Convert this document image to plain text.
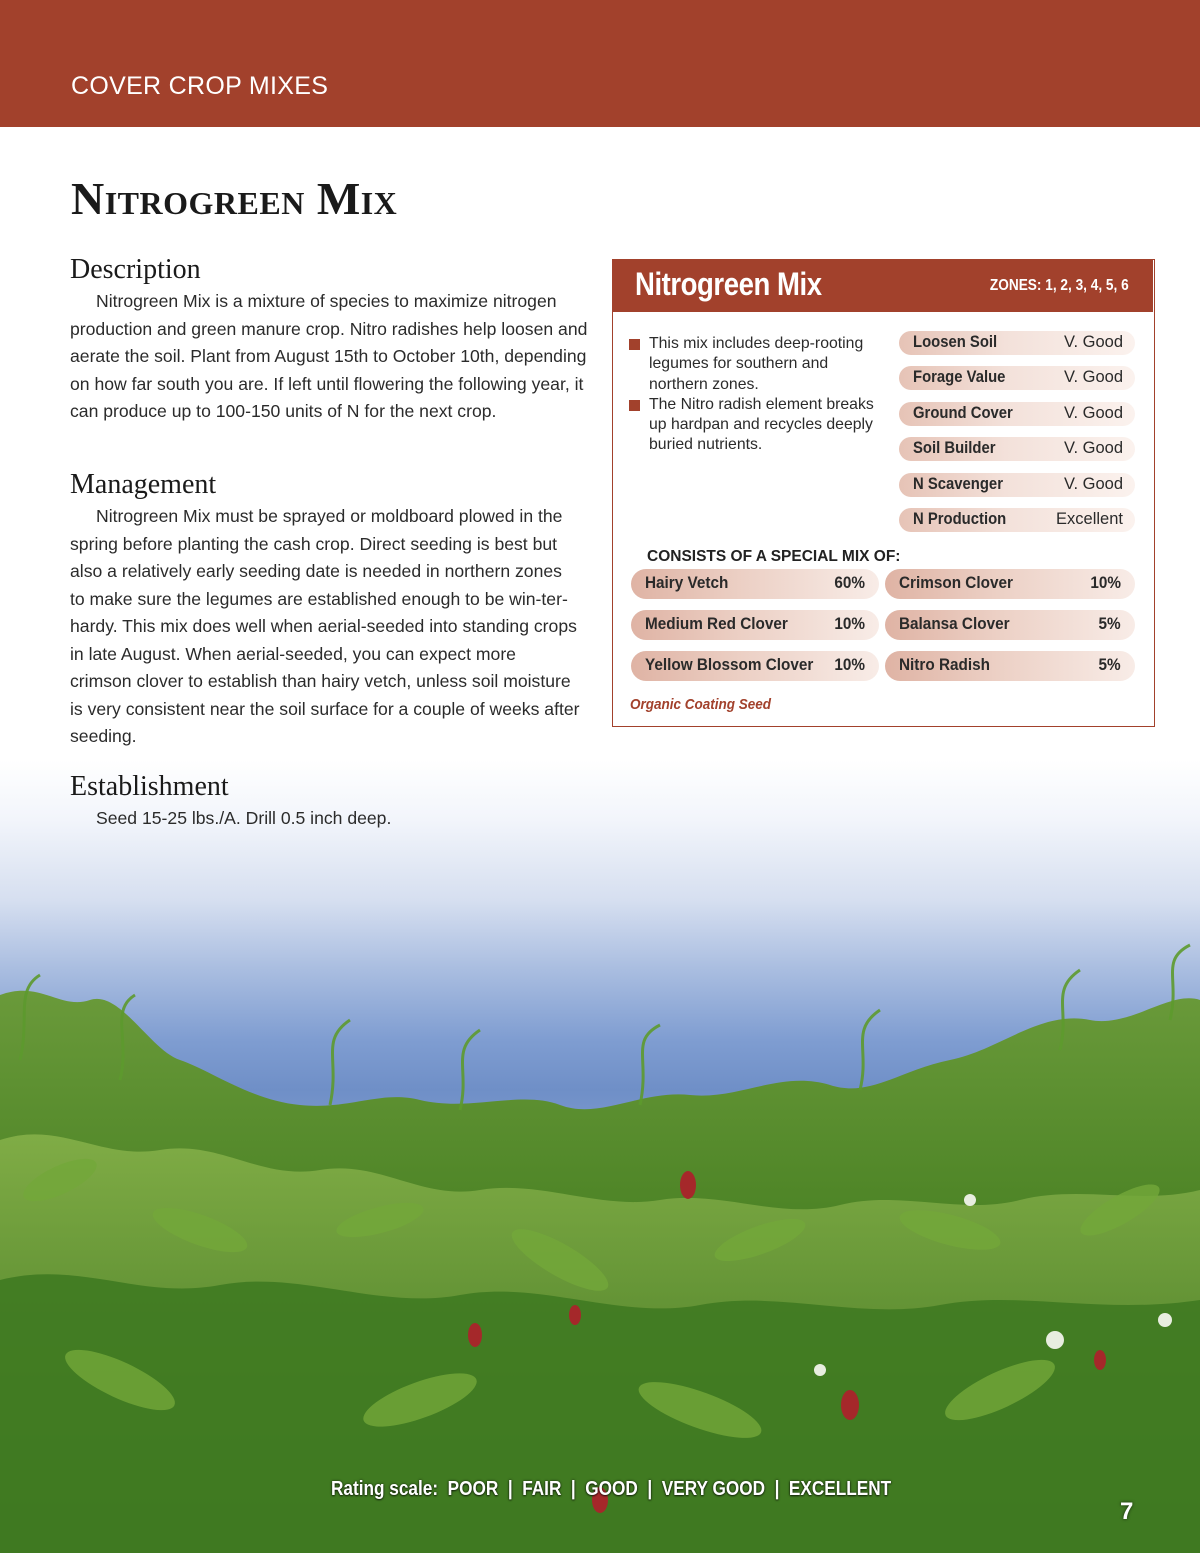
COVER CROP MIXES
Nitrogreen Mix
Description

Nitrogreen Mix is a mixture of species to maximize nitrogen production and green manure crop. Nitro radishes help loosen and aerate the soil. Plant from August 15th to October 10th, depending on how far south you are. If left until flowering the following year, it can produce up to 100-150 units of N for the next crop.

Management

Nitrogreen Mix must be sprayed or moldboard plowed in the spring before planting the cash crop. Direct seeding is best but also a relatively early seeding date is needed in northern zones to make sure the legumes are established enough to be win-ter-hardy. This mix does well when aerial-seeded into standing crops in late August. When aerial-seeded, you can expect more crimson clover to establish than hairy vetch, unless soil moisture is very consistent near the soil surface for a couple of weeks after seeding.

Establishment

Seed 15-25 lbs./A. Drill 0.5 inch deep.

Nitrogreen Mix	ZONES: 1, 2, 3, 4, 5, 6
This mix includes deep-rooting legumes for southern and northern zones.
The Nitro radish element breaks up hardpan and recycles deeply buried nutrients.
Loosen Soil	V. Good
Forage Value	V. Good
Ground Cover	V. Good
Soil Builder	V. Good
N Scavenger	V. Good
N Production	Excellent
CONSISTS OF A SPECIAL MIX OF:
Hairy Vetch	60% Crimson Clover	10%
Medium Red Clover	10% Balansa Clover	5%
Yellow Blossom Clover 10% Nitro Radish	5%
Organic Coating Seed
Rating scale:  POOR  |  FAIR  |  GOOD  |  VERY GOOD  |  EXCELLENT
7
